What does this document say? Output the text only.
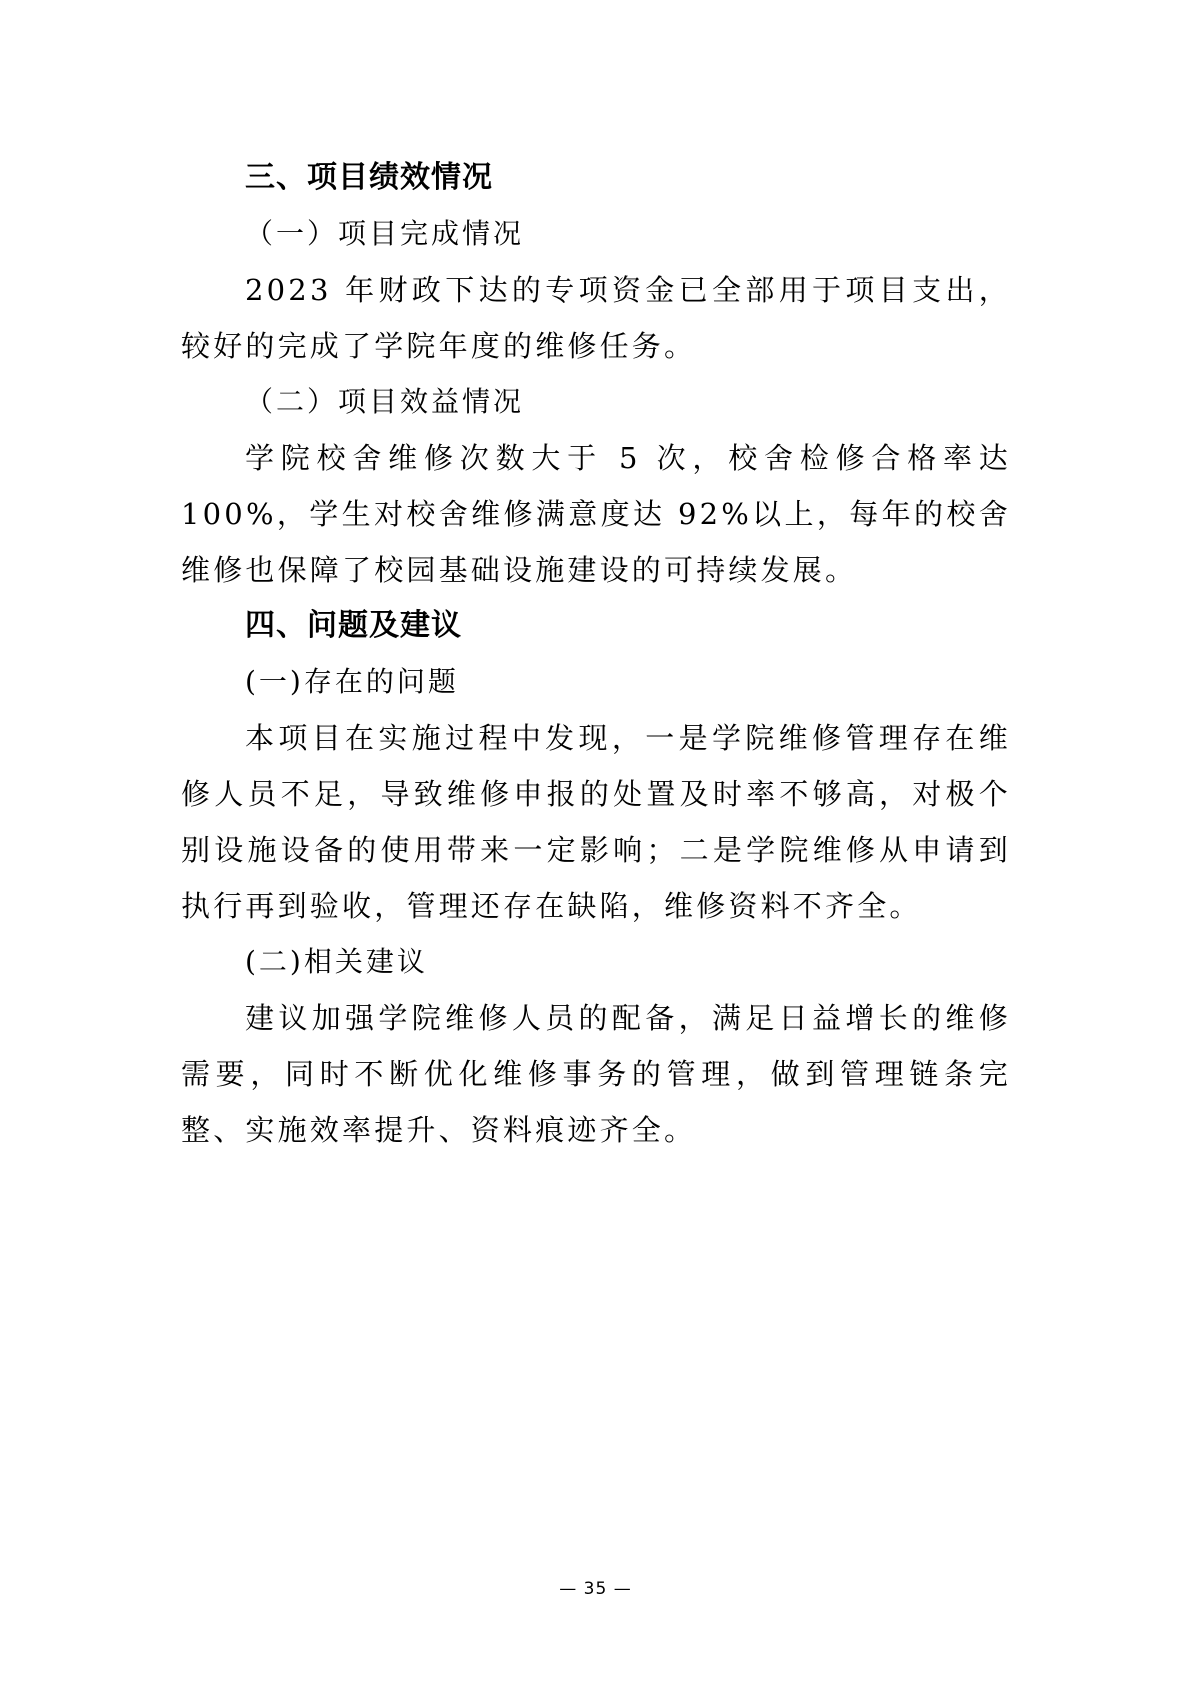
三、项目绩效情况
（一）项目完成情况

2023 年财政下达的专项资金已全部用于项目支出，较好的完成了学院年度的维修任务。

（二）项目效益情况

学院校舍维修次数大于 5 次，校舍检修合格率达 100%，学生对校舍维修满意度达 92%以上，每年的校舍维修也保障了校园基础设施建设的可持续发展。

四、问题及建议
(一)存在的问题

本项目在实施过程中发现，一是学院维修管理存在维修人员不足，导致维修申报的处置及时率不够高，对极个别设施设备的使用带来一定影响；二是学院维修从申请到执行再到验收，管理还存在缺陷，维修资料不齐全。

(二)相关建议

建议加强学院维修人员的配备，满足日益增长的维修需要，同时不断优化维修事务的管理，做到管理链条完整、实施效率提升、资料痕迹齐全。

— 35 —
